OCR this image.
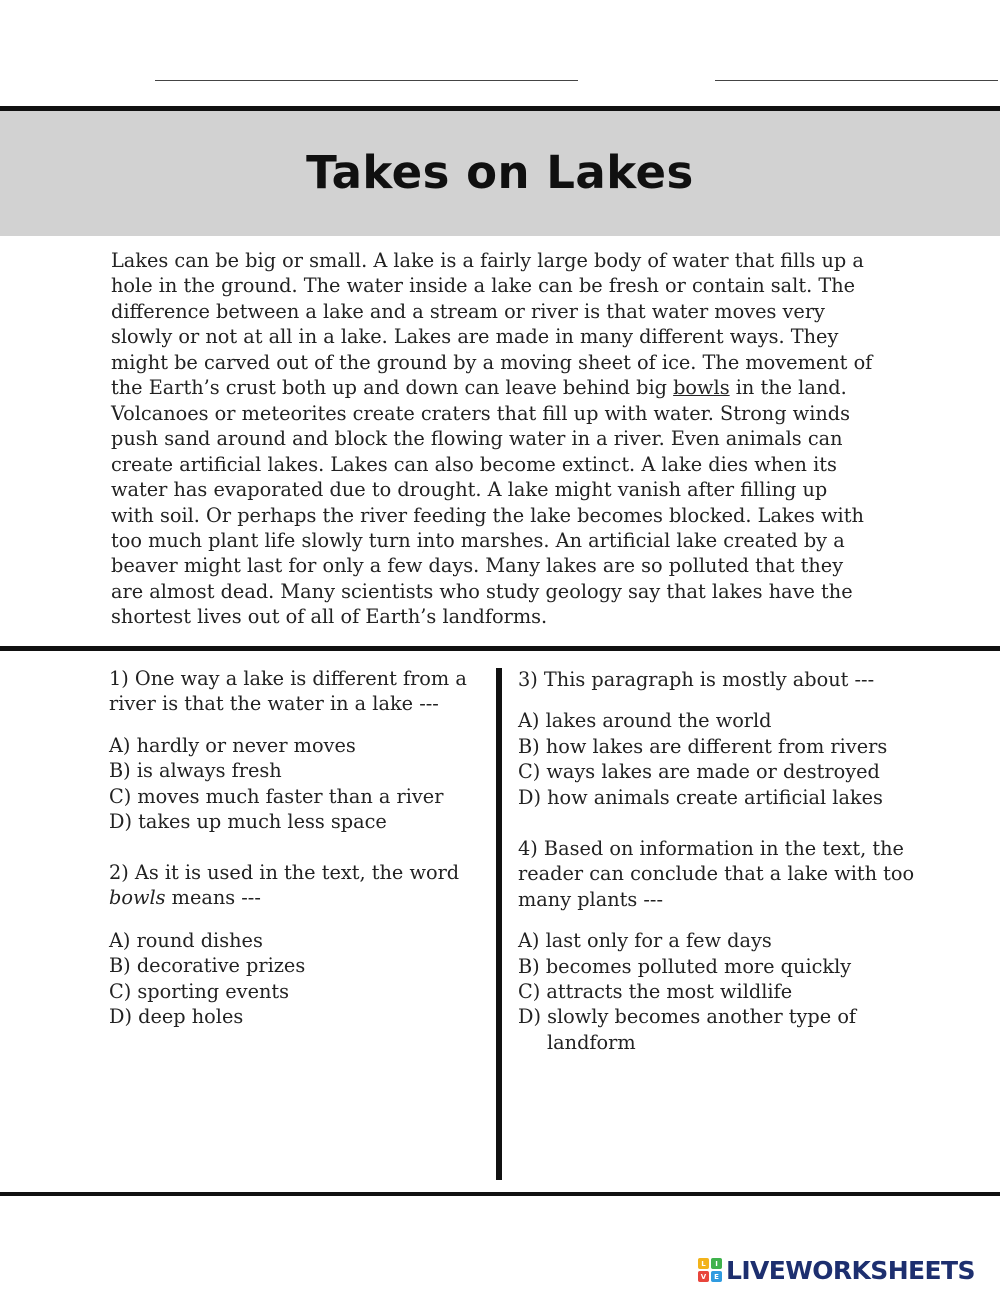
Takes on Lakes
Lakes can be big or small. A lake is a fairly large body of water that fills up a
hole in the ground. The water inside a lake can be fresh or contain salt. The
difference between a lake and a stream or river is that water moves very
slowly or not at all in a lake. Lakes are made in many different ways. They
might be carved out of the ground by a moving sheet of ice. The movement of
the Earth’s crust both up and down can leave behind big bowls in the land.
Volcanoes or meteorites create craters that fill up with water. Strong winds
push sand around and block the flowing water in a river. Even animals can
create artificial lakes. Lakes can also become extinct. A lake dies when its
water has evaporated due to drought. A lake might vanish after filling up
with soil. Or perhaps the river feeding the lake becomes blocked. Lakes with
too much plant life slowly turn into marshes. An artificial lake created by a
beaver might last for only a few days. Many lakes are so polluted that they
are almost dead. Many scientists who study geology say that lakes have the
shortest lives out of all of Earth’s landforms.
1) One way a lake is different from a
river is that the water in a lake ---
A) hardly or never moves
B) is always fresh
C) moves much faster than a river
D) takes up much less space
2) As it is used in the text, the word
bowls means ---
A) round dishes
B) decorative prizes
C) sporting events
D) deep holes
3) This paragraph is mostly about ---
A) lakes around the world
B) how lakes are different from rivers
C) ways lakes are made or destroyed
D) how animals create artificial lakes
4) Based on information in the text, the
reader can conclude that a lake with too
many plants ---
A) last only for a few days
B) becomes polluted more quickly
C) attracts the most wildlife
D) slowly becomes another type of
landform
L	I
V	E LIVEWORKSHEETS
